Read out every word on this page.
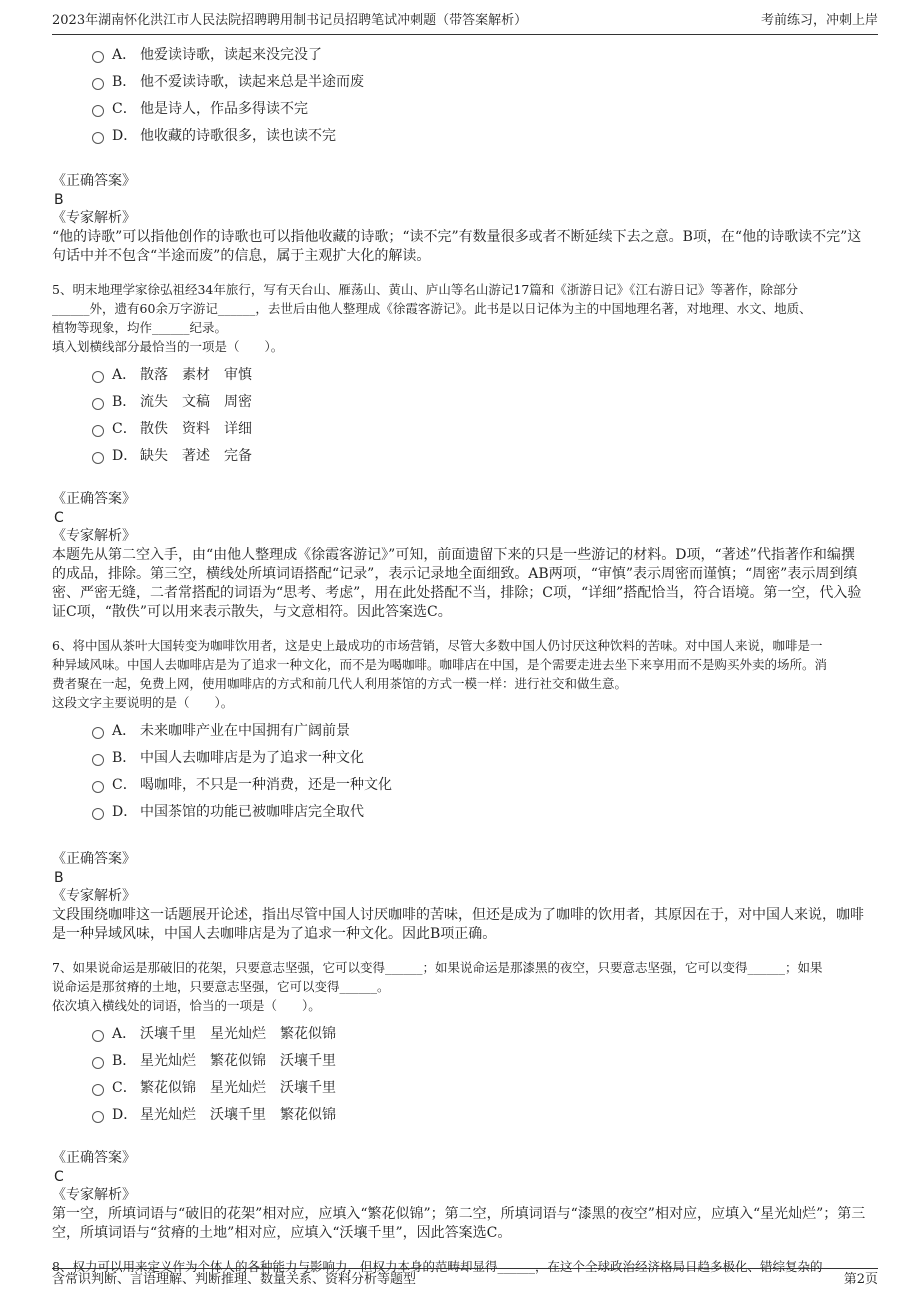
2023年湖南怀化洪江市人民法院招聘聘用制书记员招聘笔试冲刺题（带答案解析）	考前练习，冲刺上岸
A． 他爱读诗歌，读起来没完没了
B． 他不爱读诗歌，读起来总是半途而废
C． 他是诗人，作品多得读不完
D． 他收藏的诗歌很多，读也读不完
《正确答案》
B
《专家解析》
“他的诗歌”可以指他创作的诗歌也可以指他收藏的诗歌；“读不完”有数量很多或者不断延续下去之意。B项，在“他的诗歌读不完”这句话中并不包含“半途而废”的信息，属于主观扩大化的解读。

5、明末地理学家徐弘祖经34年旅行，写有天台山、雁荡山、黄山、庐山等名山游记17篇和《浙游日记》《江右游日记》等著作，除部分

______外，遗有60余万字游记______，去世后由他人整理成《徐霞客游记》。此书是以日记体为主的中国地理名著，对地理、水文、地质、

植物等现象，均作______纪录。

填入划横线部分最恰当的一项是（　　）。

A． 散落　素材　审慎
B． 流失　文稿　周密
C． 散佚　资料　详细
D． 缺失　著述　完备
《正确答案》
C
《专家解析》
本题先从第二空入手，由“由他人整理成《徐霞客游记》”可知，前面遗留下来的只是一些游记的材料。D项，“著述”代指著作和编撰的成品，排除。第三空，横线处所填词语搭配“记录”，表示记录地全面细致。AB两项，“审慎”表示周密而谨慎；“周密”表示周到缜密、严密无缝，二者常搭配的词语为“思考、考虑”，用在此处搭配不当，排除；C项，“详细”搭配恰当，符合语境。第一空，代入验证C项，“散佚”可以用来表示散失，与文意相符。因此答案选C。

6、将中国从茶叶大国转变为咖啡饮用者，这是史上最成功的市场营销，尽管大多数中国人仍讨厌这种饮料的苦味。对中国人来说，咖啡是一

种异域风味。中国人去咖啡店是为了追求一种文化，而不是为喝咖啡。咖啡店在中国，是个需要走进去坐下来享用而不是购买外卖的场所。消

费者聚在一起，免费上网，使用咖啡店的方式和前几代人利用茶馆的方式一模一样：进行社交和做生意。

这段文字主要说明的是（　　）。

A． 未来咖啡产业在中国拥有广阔前景
B． 中国人去咖啡店是为了追求一种文化
C． 喝咖啡，不只是一种消费，还是一种文化
D． 中国茶馆的功能已被咖啡店完全取代
《正确答案》
B
《专家解析》
文段围绕咖啡这一话题展开论述，指出尽管中国人讨厌咖啡的苦味，但还是成为了咖啡的饮用者，其原因在于，对中国人来说，咖啡是一种异域风味，中国人去咖啡店是为了追求一种文化。因此B项正确。

7、如果说命运是那破旧的花架，只要意志坚强，它可以变得______；如果说命运是那漆黑的夜空，只要意志坚强，它可以变得______；如果

说命运是那贫瘠的土地，只要意志坚强，它可以变得______。

依次填入横线处的词语，恰当的一项是（　　）。

A． 沃壤千里　星光灿烂　繁花似锦
B． 星光灿烂　繁花似锦　沃壤千里
C． 繁花似锦　星光灿烂　沃壤千里
D． 星光灿烂　沃壤千里　繁花似锦
《正确答案》
C
《专家解析》
第一空，所填词语与“破旧的花架”相对应，应填入“繁花似锦”；第二空，所填词语与“漆黑的夜空”相对应，应填入“星光灿烂”；第三空，所填词语与“贫瘠的土地”相对应，应填入“沃壤千里”，因此答案选C。

8、权力可以用来定义作为个体人的各种能力与影响力，但权力本身的范畴却显得______，在这个全球政治经济格局日趋多极化、错综复杂的

含常识判断、言语理解、判断推理、数量关系、资料分析等题型	第2页
